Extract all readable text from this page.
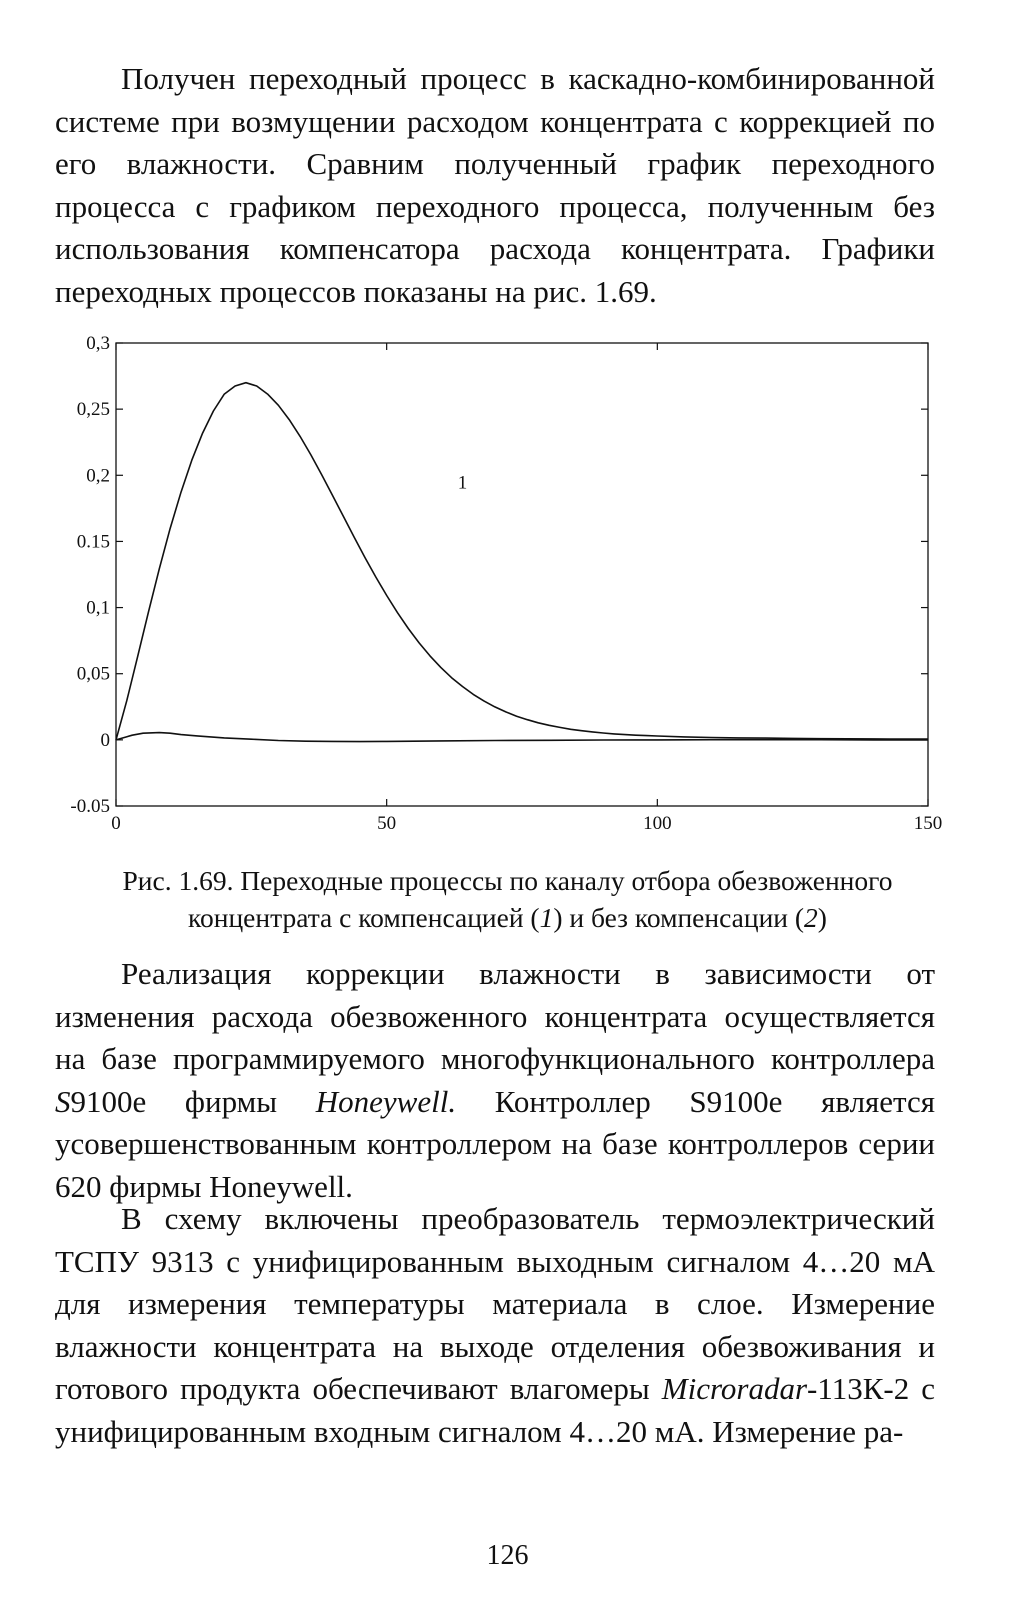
Получен переходный процесс в каскадно-комбинированной системе при возмущении расходом концентрата с коррекцией по его влажности. Сравним полученный график переходного процесса с графиком переходного процесса, полученным без использования компенсатора расхода концентрата. Графики переходных процессов показаны на рис. 1.69.

0,3
0,25
0,2
0.15
0,1
0,05
0
-0.05
0	50	100	150
1

Рис. 1.69. Переходные процессы по каналу отбора обезвоженного концентрата с компенсацией (1) и без компенсации (2)

Реализация коррекции влажности в зависимости от изменения расхода обезвоженного концентрата осуществляется на базе программируемого многофункционального контроллера S9100е фирмы Honeywell. Контроллер S9100е является усовершенствованным контроллером на базе контроллеров серии 620 фирмы Honeywell.

В схему включены преобразователь термоэлектрический ТСПУ 9313 с унифицированным выходным сигналом 4…20 мА для измерения температуры материала в слое. Измерение влажности концентрата на выходе отделения обезвоживания и готового продукта обеспечивают влагомеры Microradar-113К-2 с унифицированным входным сигналом 4…20 мА. Измерение ра-

126
